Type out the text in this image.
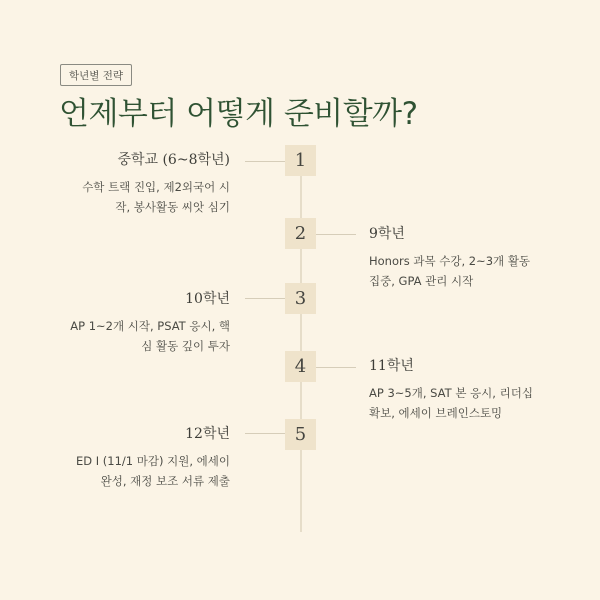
학년별 전략
언제부터 어떻게 준비할까?
1
중학교 (6~8학년)
수학 트랙 진입, 제2외국어 시
작, 봉사활동 씨앗 심기
2	9학년
Honors 과목 수강, 2~3개 활동
집중, GPA 관리 시작
3
10학년
AP 1~2개 시작, PSAT 응시, 핵
심 활동 깊이 투자
4	11학년
AP 3~5개, SAT 본 응시, 리더십
확보, 에세이 브레인스토밍
5
12학년
ED I (11/1 마감) 지원, 에세이
완성, 재정 보조 서류 제출
